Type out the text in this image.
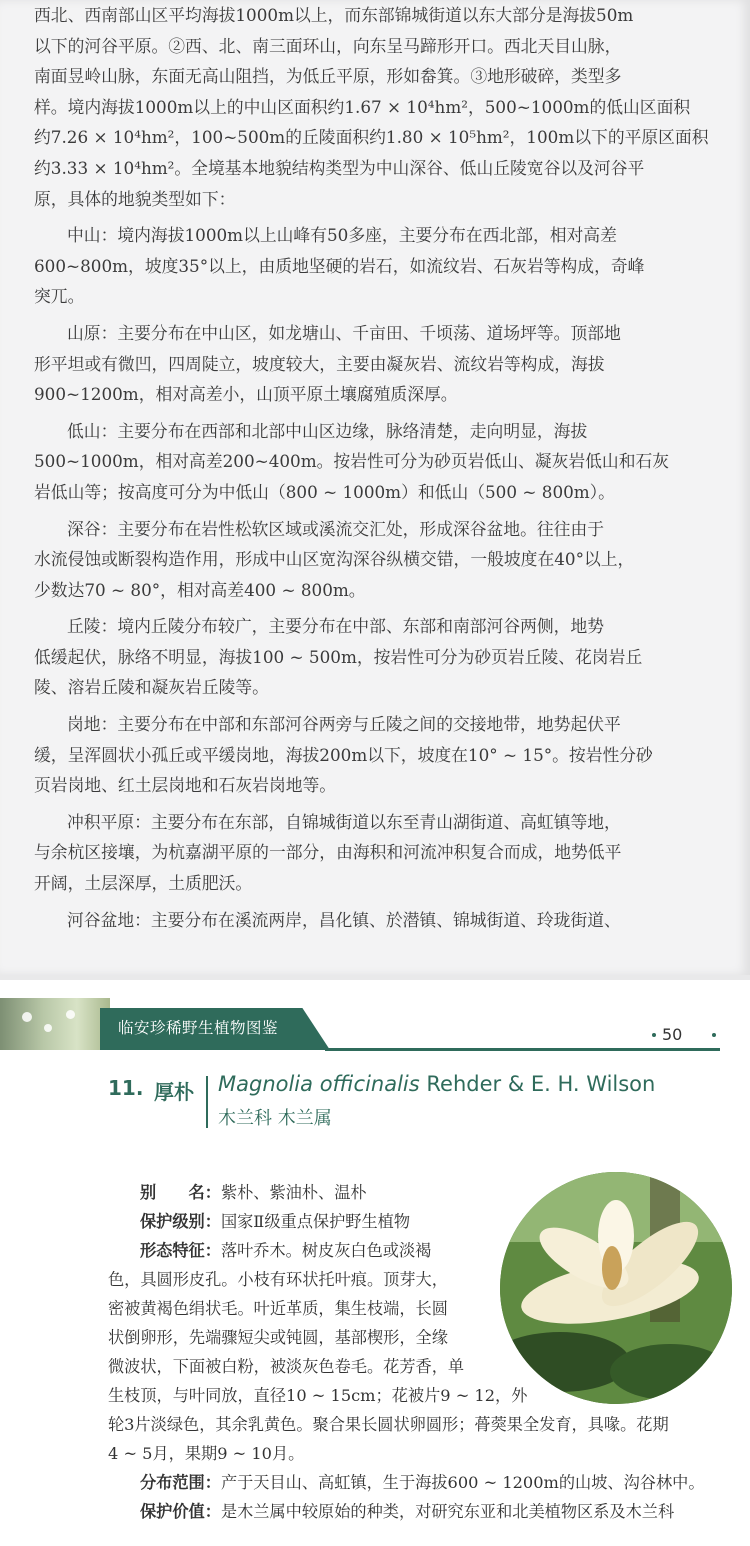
西北、西南部山区平均海拔1000m以上，而东部锦城街道以东大部分是海拔50m

以下的河谷平原。②西、北、南三面环山，向东呈马蹄形开口。西北天目山脉，

南面昱岭山脉，东面无高山阻挡，为低丘平原，形如畚箕。③地形破碎，类型多

样。境内海拔1000m以上的中山区面积约1.67 × 10⁴hm²，500~1000m的低山区面积

约7.26 × 10⁴hm²，100~500m的丘陵面积约1.80 × 10⁵hm²，100m以下的平原区面积

约3.33 × 10⁴hm²。全境基本地貌结构类型为中山深谷、低山丘陵宽谷以及河谷平

原，具体的地貌类型如下：

中山：境内海拔1000m以上山峰有50多座，主要分布在西北部，相对高差

600~800m，坡度35°以上，由质地坚硬的岩石，如流纹岩、石灰岩等构成，奇峰

突兀。

山原：主要分布在中山区，如龙塘山、千亩田、千顷荡、道场坪等。顶部地

形平坦或有微凹，四周陡立，坡度较大，主要由凝灰岩、流纹岩等构成，海拔

900~1200m，相对高差小，山顶平原土壤腐殖质深厚。

低山：主要分布在西部和北部中山区边缘，脉络清楚，走向明显，海拔

500~1000m，相对高差200~400m。按岩性可分为砂页岩低山、凝灰岩低山和石灰

岩低山等；按高度可分为中低山（800 ~ 1000m）和低山（500 ~ 800m）。

深谷：主要分布在岩性松软区域或溪流交汇处，形成深谷盆地。往往由于

水流侵蚀或断裂构造作用，形成中山区宽沟深谷纵横交错，一般坡度在40°以上，

少数达70 ~ 80°，相对高差400 ~ 800m。

丘陵：境内丘陵分布较广，主要分布在中部、东部和南部河谷两侧，地势

低缓起伏，脉络不明显，海拔100 ~ 500m，按岩性可分为砂页岩丘陵、花岗岩丘

陵、溶岩丘陵和凝灰岩丘陵等。

岗地：主要分布在中部和东部河谷两旁与丘陵之间的交接地带，地势起伏平

缓，呈浑圆状小孤丘或平缓岗地，海拔200m以下，坡度在10° ~ 15°。按岩性分砂

页岩岗地、红土层岗地和石灰岩岗地等。

冲积平原：主要分布在东部，自锦城街道以东至青山湖街道、高虹镇等地，

与余杭区接壤，为杭嘉湖平原的一部分，由海积和河流冲积复合而成，地势低平

开阔，土层深厚，土质肥沃。

河谷盆地：主要分布在溪流两岸，昌化镇、於潜镇、锦城街道、玲珑街道、

临安珍稀野生植物图鉴	50
11. 厚朴 Magnolia officinalis Rehder & E. H. Wilson
木兰科 木兰属
别　　名：紫朴、紫油朴、温朴
保护级别：国家Ⅱ级重点保护野生植物
形态特征：落叶乔木。树皮灰白色或淡褐
色，具圆形皮孔。小枝有环状托叶痕。顶芽大，
密被黄褐色绢状毛。叶近革质，集生枝端，长圆
状倒卵形，先端骤短尖或钝圆，基部楔形，全缘
微波状，下面被白粉，被淡灰色卷毛。花芳香，单
生枝顶，与叶同放，直径10 ~ 15cm；花被片9 ~ 12，外
轮3片淡绿色，其余乳黄色。聚合果长圆状卵圆形；蓇葖果全发育，具喙。花期
4 ~ 5月，果期9 ~ 10月。
分布范围：产于天目山、高虹镇，生于海拔600 ~ 1200m的山坡、沟谷林中。
保护价值：是木兰属中较原始的种类，对研究东亚和北美植物区系及木兰科
